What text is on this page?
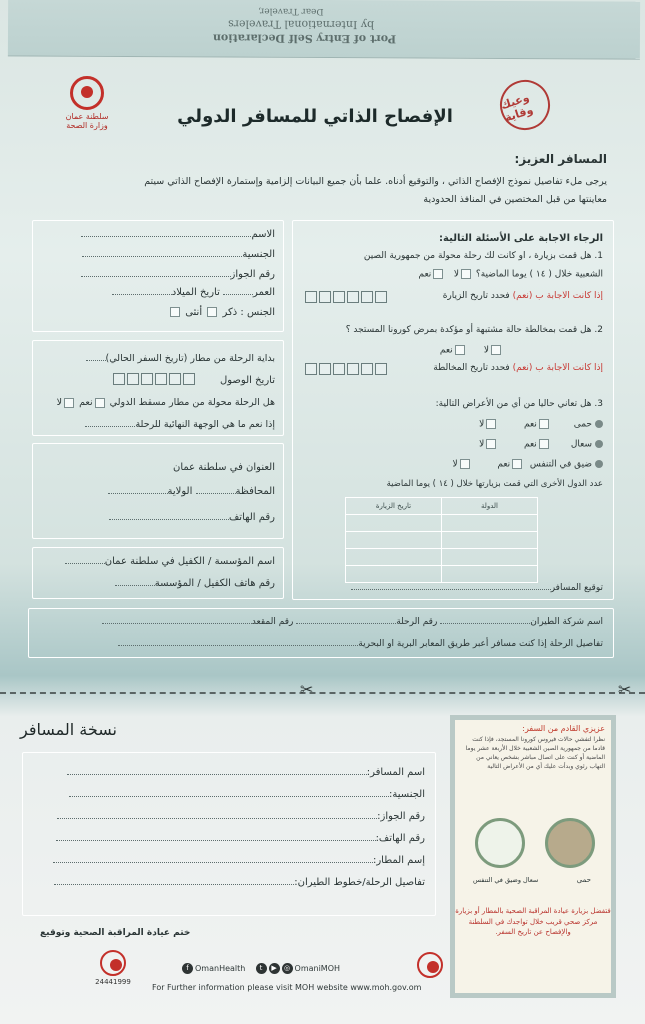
Dear Traveler,
by International Travelers
Port of Entry Self Declaration
سلطنة عمان
وزارة الصحة
وعيك وقاية
الإفصاح الذاتي للمسافر الدولي
المسافر العزيز:
يرجى ملء تفاصيل نموذج الإفصاح الذاتي ، والتوقيع أدناه. علما بأن جميع البيانات إلزامية وإستمارة الإفصاح الذاتي سيتم
معاينتها من قبل المختصين في المنافذ الحدودية
الاسم
الجنسية
رقم الجواز
العمر تاريخ الميلاد
الجنس : ذكر  أنثى
بداية الرحلة من مطار (تاريخ السفر الحالي)
تاريخ الوصول
هل الرحلة محولة من مطار مسقط الدولي نعم لا
إذا نعم ما هي الوجهة النهائية للرحلة
العنوان في سلطنة عمان
المحافظة الولاية
رقم الهاتف
اسم المؤسسة / الكفيل في سلطنة عمان
رقم هاتف الكفيل / المؤسسة
الرجاء الاجابة على الأسئلة التالية:
1. هل قمت بزيارة ، او كانت لك رحلة محولة من جمهورية الصين
الشعبية خلال ( ١٤ ) يوما الماضية؟ لا   نعم
إذا كانت الاجابة ب (نعم) فحدد تاريخ الزيارة
2. هل قمت بمخالطة حالة مشتبهة أو مؤكدة بمرض كورونا المستجد ؟
لا      نعم
إذا كانت الاجابة ب (نعم) فحدد تاريخ المخالطة
3. هل تعاني حاليا من أي من الأعراض التالية:
حمى        نعم         لا
سعال       نعم         لا
ضيق في التنفس  نعم         لا
عدد الدول الأخرى التي قمت بزيارتها خلال ( ١٤ ) يوما الماضية
تاريخ الزيارة	الدولة

توقيع المسافر
اسم شركة الطيران رقم الرحلة رقم المقعد
تفاصيل الرحلة إذا كنت مسافر أعبر طريق المعابر البرية او البحرية
✂	✂
نسخة المسافر
اسم المسافر:
الجنسية:
رقم الجواز:
رقم الهاتف:
إسم المطار:
تفاصيل الرحلة/خطوط الطيران:
ختم عيادة المراقبة الصحية وتوقيع
عزيزي القادم من السفر:
نظرا لتفشي حالات فيروس كورونا المستجد، فإذا كنت قادما من جمهورية الصين الشعبية خلال الأربعة عشر يوما الماضية أو كنت على اتصال مباشر بشخص يعاني من التهاب رئوي وبدأت عليك أي من الأعراض التالية
حمى
سعال وضيق في التنفس
فتفضل بزيارة عيادة المراقبة الصحية بالمطار أو بزيارة مركز صحي قريب خلال تواجدك في السلطنة والإفصاح عن تاريخ السفر.
24441999
f OmanHealth t ▶ ◎ OmaniMOH
For Further information please visit MOH website www.moh.gov.om
